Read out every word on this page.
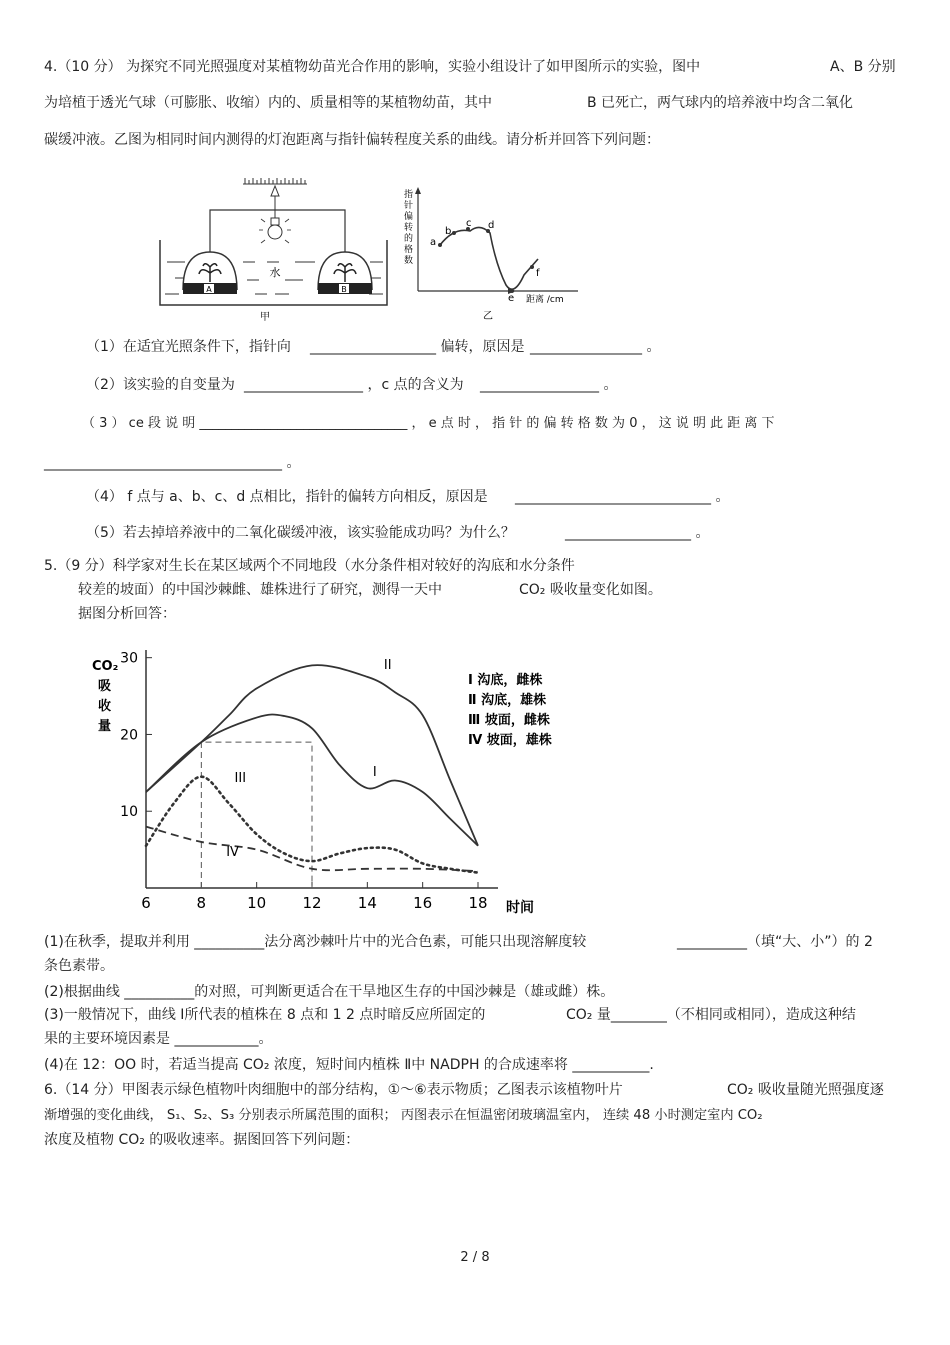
4.（10 分） 为探究不同光照强度对某植物幼苗光合作用的影响，实验小组设计了如甲图所示的实验，图中	A、B 分别
为培植于透光气球（可膨胀、收缩）内的、质量相等的某植物幼苗，其中	B 已死亡，两气球内的培养液中均含二氧化
碳缓冲液。乙图为相同时间内测得的灯泡距离与指针偏转程度关系的曲线。请分析并回答下列问题：
A	B
水
甲
指针偏转的格数
a
b
c d
e
f
距离 /cm
乙
（1）在适宜光照条件下，指针向 __________________ 偏转，原因是 ________________ 。
（2）该实验的自变量为 _________________ ，c 点的含义为 _________________ 。
（ 3 ） ce 段 说 明 ________________________________ ， e 点 时 ， 指 针 的 偏 转 格 数 为 0 ， 这 说 明 此 距 离 下
__________________________________ 。
（4） f 点与 a、b、c、d 点相比，指针的偏转方向相反，原因是 ____________________________ 。
（5）若去掉培养液中的二氧化碳缓冲液，该实验能成功吗？为什么？	__________________ 。
5.（9 分）科学家对生长在某区域两个不同地段（水分条件相对较好的沟底和水分条件
较差的坡面）的中国沙棘雌、雄株进行了研究，测得一天中	CO₂ 吸收量变化如图。
据图分析回答：
6	8	10 12 14 16 18
10
20
30
CO₂ 吸收量
时间
I
II
III
IV
Ⅰ 沟底，雌株
Ⅱ 沟底，雄株
Ⅲ 坡面，雌株
Ⅳ 坡面，雄株
(1)在秋季，提取并利用 __________法分离沙棘叶片中的光合色素，可能只出现溶解度较	__________（填“大、小”）的 2
条色素带。
(2)根据曲线 __________的对照，可判断更适合在干旱地区生存的中国沙棘是（雄或雌）株。
(3)一般情况下，曲线 Ⅰ所代表的植株在 8 点和 1 2 点时暗反应所固定的	CO₂ 量________（不相同或相同），造成这种结
果的主要环境因素是 ____________。
(4)在 12：OO 时，若适当提高 CO₂ 浓度，短时间内植株 Ⅱ中 NADPH 的合成速率将 ___________.
6.（14 分）甲图表示绿色植物叶肉细胞中的部分结构，①～⑥表示物质；乙图表示该植物叶片	CO₂ 吸收量随光照强度逐
渐增强的变化曲线， S₁、S₂、S₃ 分别表示所属范围的面积； 丙图表示在恒温密闭玻璃温室内， 连续 48 小时测定室内 CO₂
浓度及植物 CO₂ 的吸收速率。据图回答下列问题：
2 / 8
